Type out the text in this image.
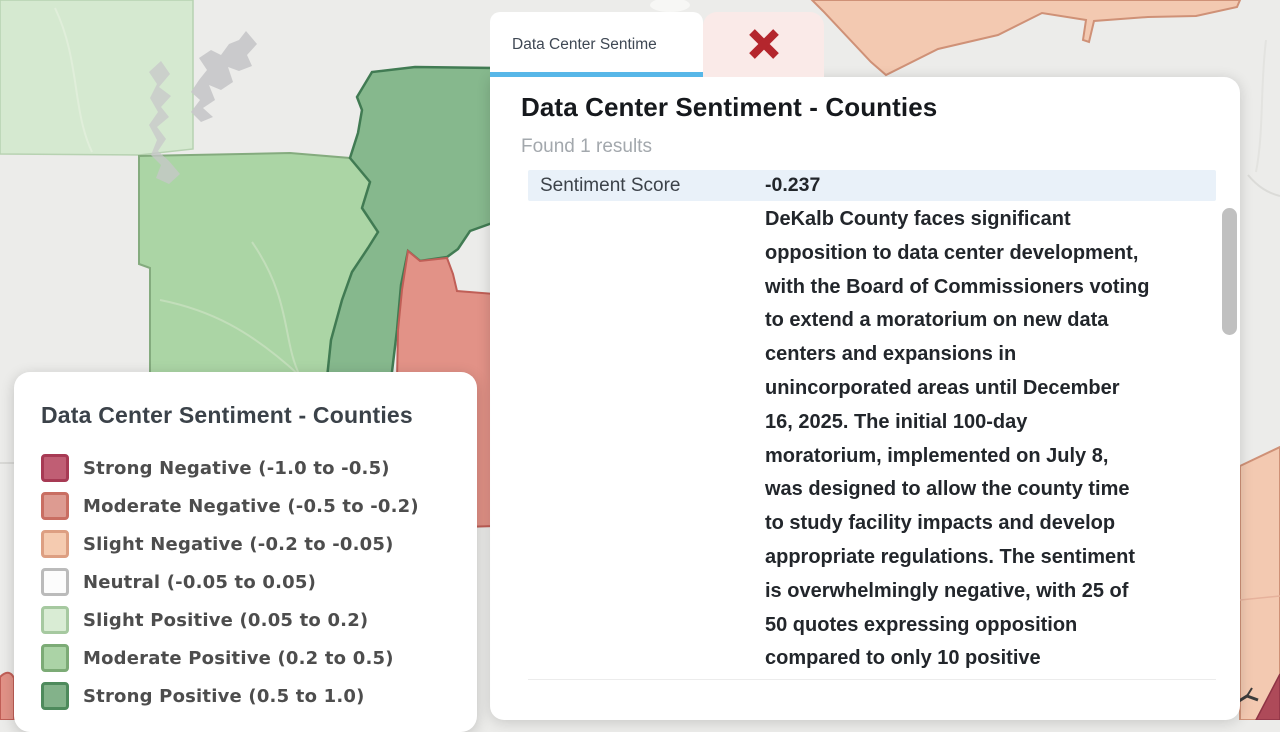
Data Center Sentiment - Counties
Strong Negative (-1.0 to -0.5)
Moderate Negative (-0.5 to -0.2)
Slight Negative (-0.2 to -0.05)
Neutral (-0.05 to 0.05)
Slight Positive (0.05 to 0.2)
Moderate Positive (0.2 to 0.5)
Strong Positive (0.5 to 1.0)
Data Center Sentime
Data Center Sentiment - Counties
Found 1 results
Sentiment Score	-0.237
DeKalb County faces significant
opposition to data center development,
with the Board of Commissioners voting
to extend a moratorium on new data
centers and expansions in
unincorporated areas until December
16, 2025. The initial 100-day
moratorium, implemented on July 8,
was designed to allow the county time
to study facility impacts and develop
appropriate regulations. The sentiment
is overwhelmingly negative, with 25 of
50 quotes expressing opposition
compared to only 10 positive
